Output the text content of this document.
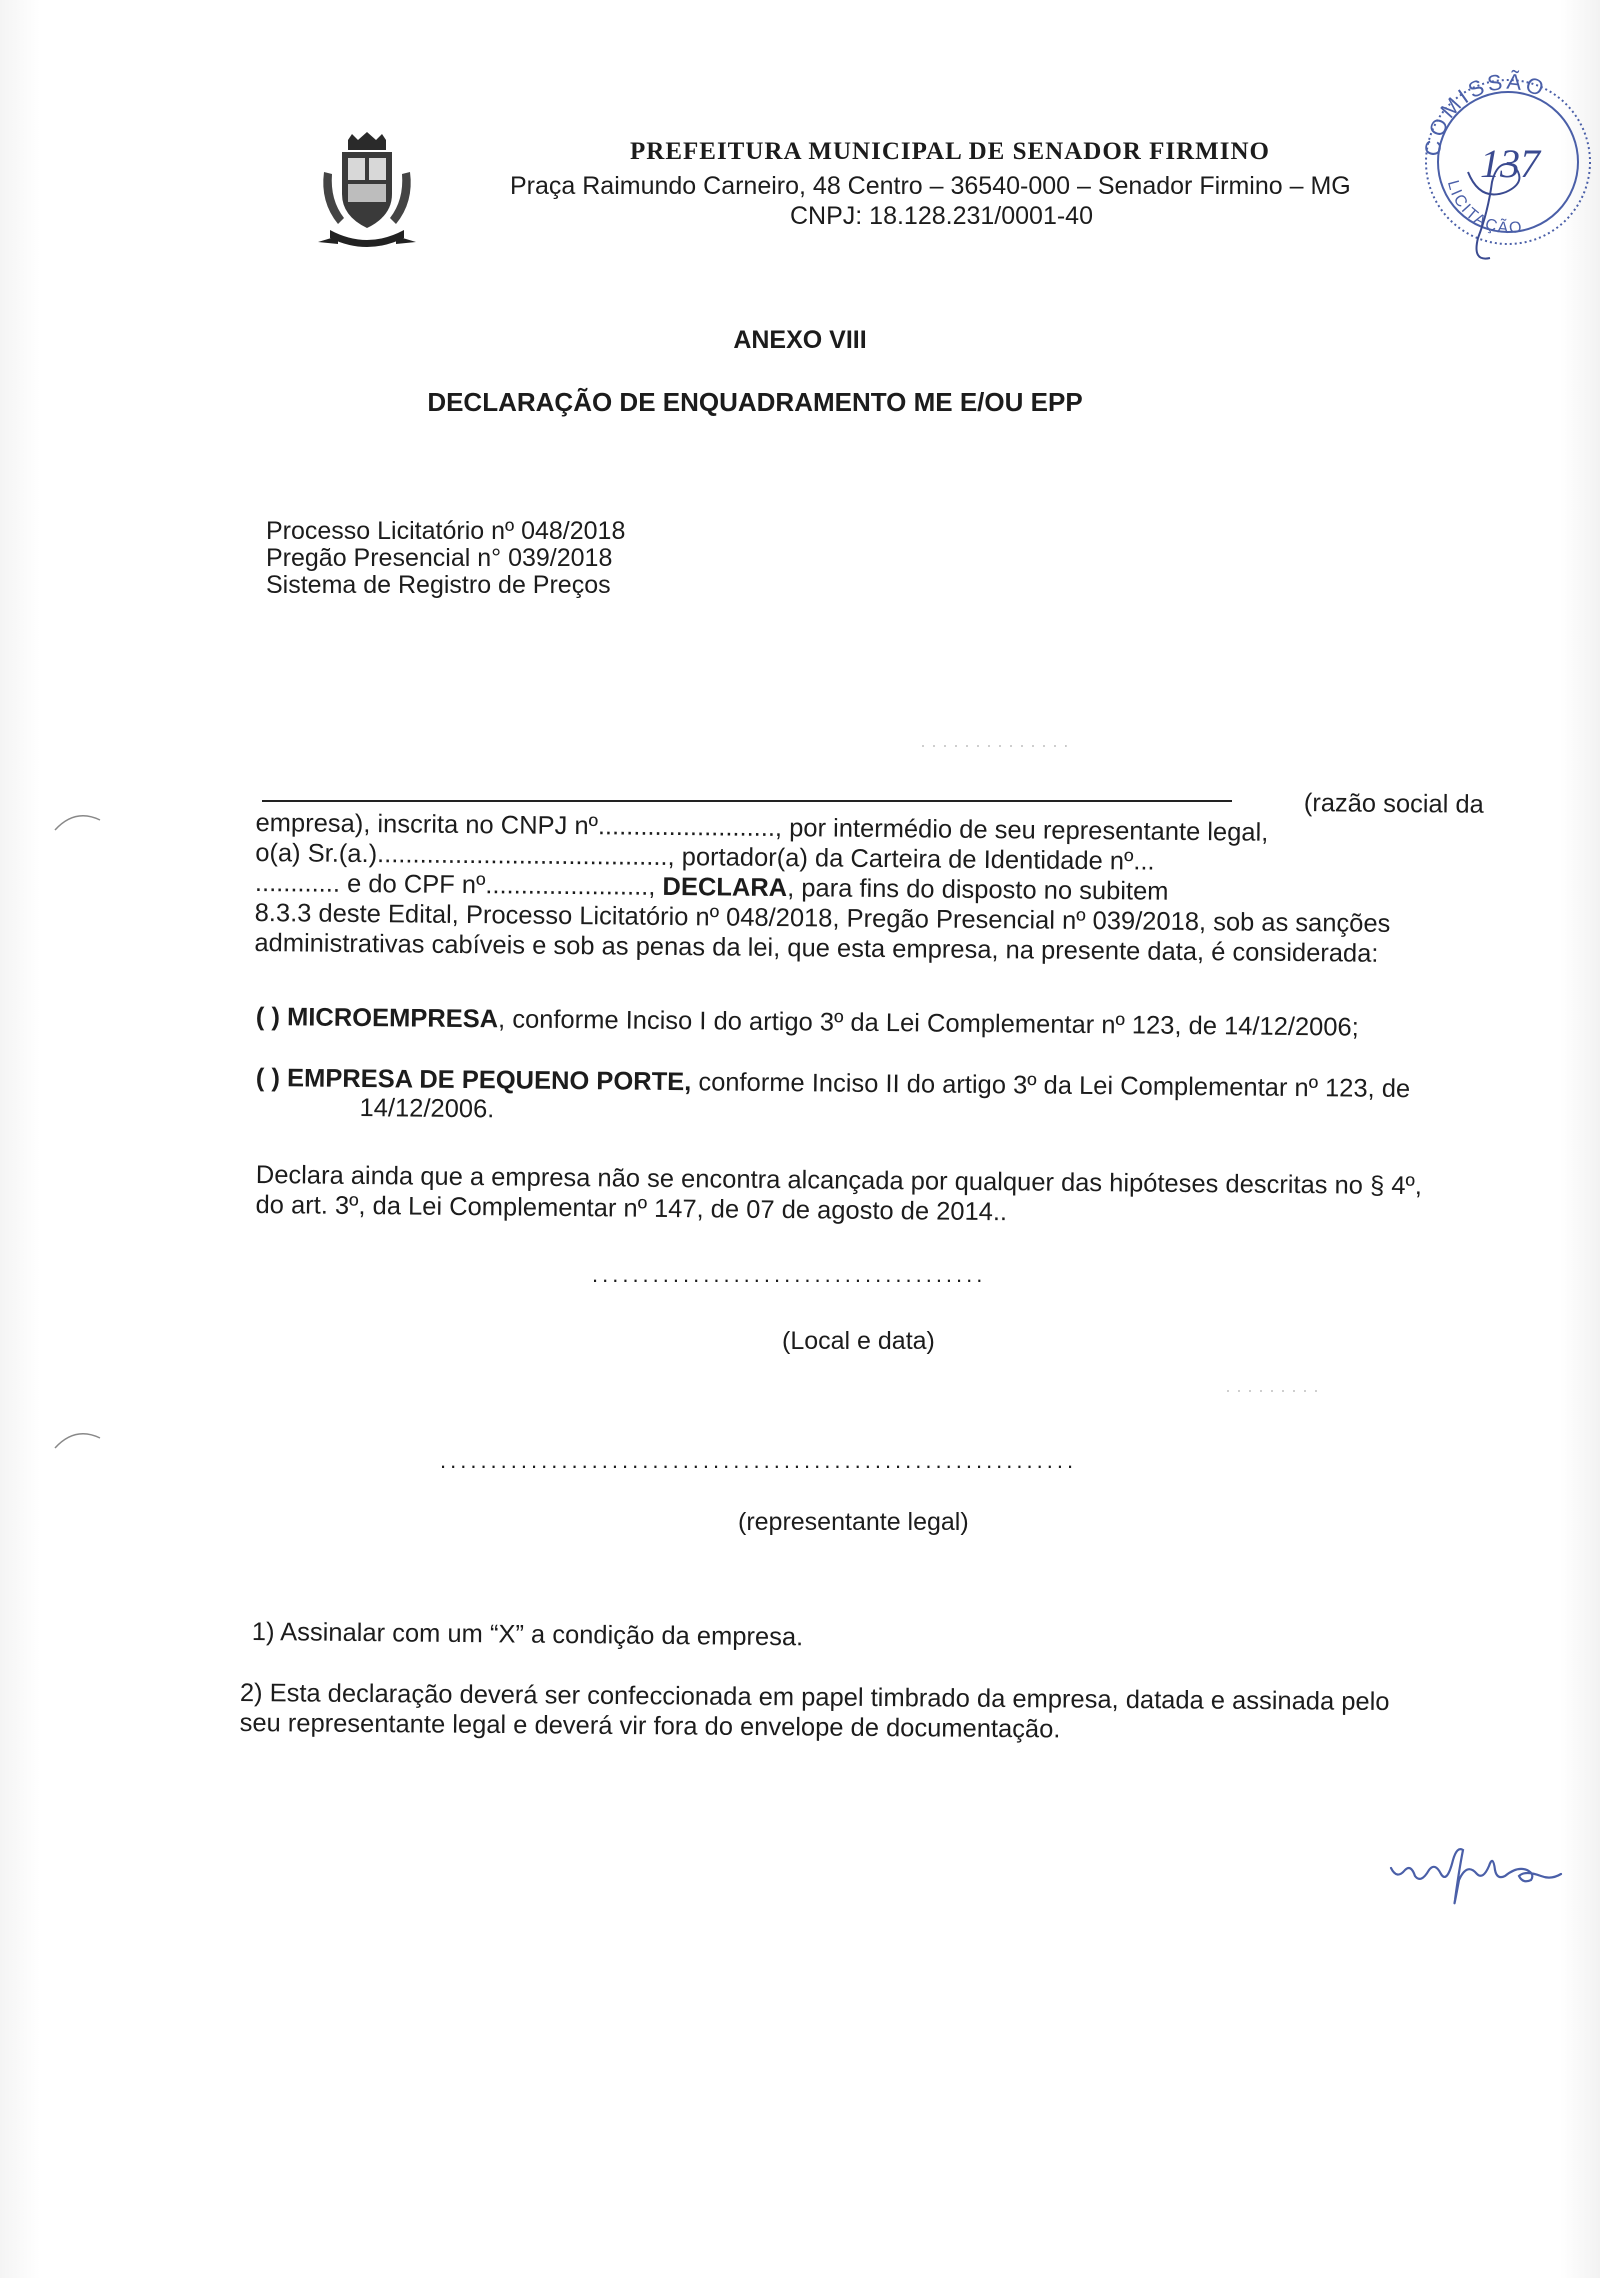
PREFEITURA MUNICIPAL DE SENADOR FIRMINO
Praça Raimundo Carneiro, 48 Centro – 36540-000 – Senador Firmino – MG
CNPJ: 18.128.231/0001-40
COMISSÃO
LICITAÇÃO
137
ANEXO VIII
DECLARAÇÃO DE ENQUADRAMENTO ME E/OU EPP
Processo Licitatório nº 048/2018
Pregão Presencial n° 039/2018
Sistema de Registro de Preços
· · · · · · · · · · · · · ·

(razão social da

empresa), inscrita no CNPJ nº........................., por intermédio de seu representante legal,

o(a) Sr.(a.)........................................., portador(a) da Carteira de Identidade nº...

............ e do CPF nº......................., DECLARA, para fins do disposto no subitem

8.3.3 deste Edital, Processo Licitatório nº 048/2018, Pregão Presencial nº 039/2018, sob as sanções

administrativas cabíveis e sob as penas da lei, que esta empresa, na presente data, é considerada:

( ) MICROEMPRESA, conforme Inciso I do artigo 3º da Lei Complementar nº 123, de 14/12/2006;
( ) EMPRESA DE PEQUENO PORTE, conforme Inciso II do artigo 3º da Lei Complementar nº 123, de
14/12/2006.
Declara ainda que a empresa não se encontra alcançada por qualquer das hipóteses descritas no § 4º,
do art. 3º, da Lei Complementar nº 147, de 07 de agosto de 2014..
.......................................
(Local e data)
· · · · · · · · ·
...............................................................
(representante legal)
1) Assinalar com um “X” a condição da empresa.
2) Esta declaração deverá ser confeccionada em papel timbrado da empresa, datada e assinada pelo
seu representante legal e deverá vir fora do envelope de documentação.
